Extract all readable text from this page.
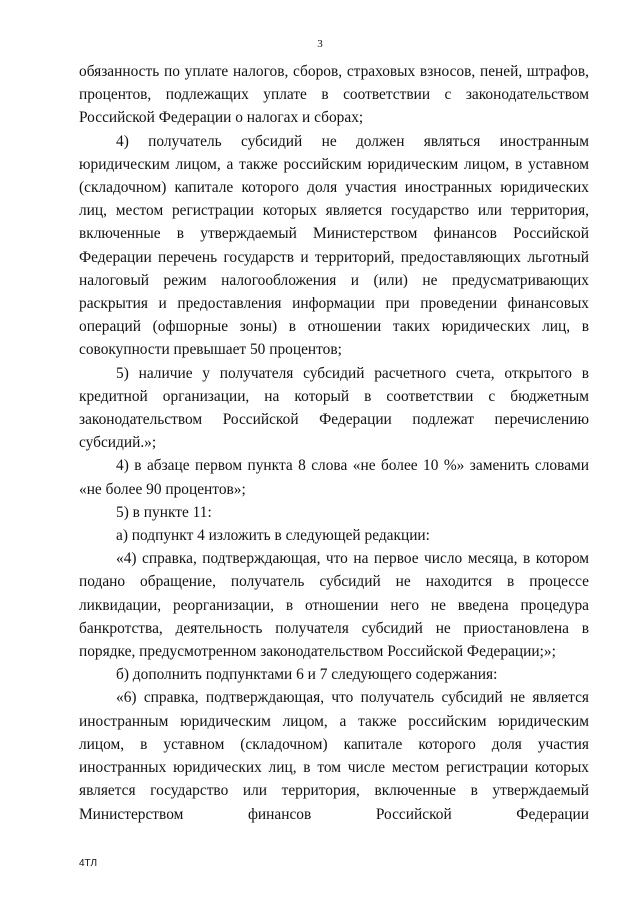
3

обязанность по уплате налогов, сборов, страховых взносов, пеней, штрафов, процентов, подлежащих уплате в соответствии с законодательством Российской Федерации о налогах и сборах;

4) получатель субсидий не должен являться иностранным юридическим лицом, а также российским юридическим лицом, в уставном (складочном) капитале которого доля участия иностранных юридических лиц, местом регистрации которых является государство или территория, включенные в утверждаемый Министерством финансов Российской Федерации перечень государств и территорий, предоставляющих льготный налоговый режим налогообложения и (или) не предусматривающих раскрытия и предоставления информации при проведении финансовых операций (офшорные зоны) в отношении таких юридических лиц, в совокупности превышает 50 процентов;

5) наличие у получателя субсидий расчетного счета, открытого в кредитной организации, на который в соответствии с бюджетным законодательством Российской Федерации подлежат перечислению субсидий.»;

4) в абзаце первом пункта 8 слова «не более 10 %» заменить словами «не более 90 процентов»;

5) в пункте 11:

а) подпункт 4 изложить в следующей редакции:

«4) справка, подтверждающая, что на первое число месяца, в котором подано обращение, получатель субсидий не находится в процессе ликвидации, реорганизации, в отношении него не введена процедура банкротства, деятельность получателя субсидий не приостановлена в порядке, предусмотренном законодательством Российской Федерации;»;

б) дополнить подпунктами 6 и 7 следующего содержания:

«6) справка, подтверждающая, что получатель субсидий не является иностранным юридическим лицом, а также российским юридическим лицом, в уставном (складочном) капитале которого доля участия иностранных юридических лиц, в том числе местом регистрации которых является государство или территория, включенные в утверждаемый Министерством финансов Российской Федерации

4ТЛ
